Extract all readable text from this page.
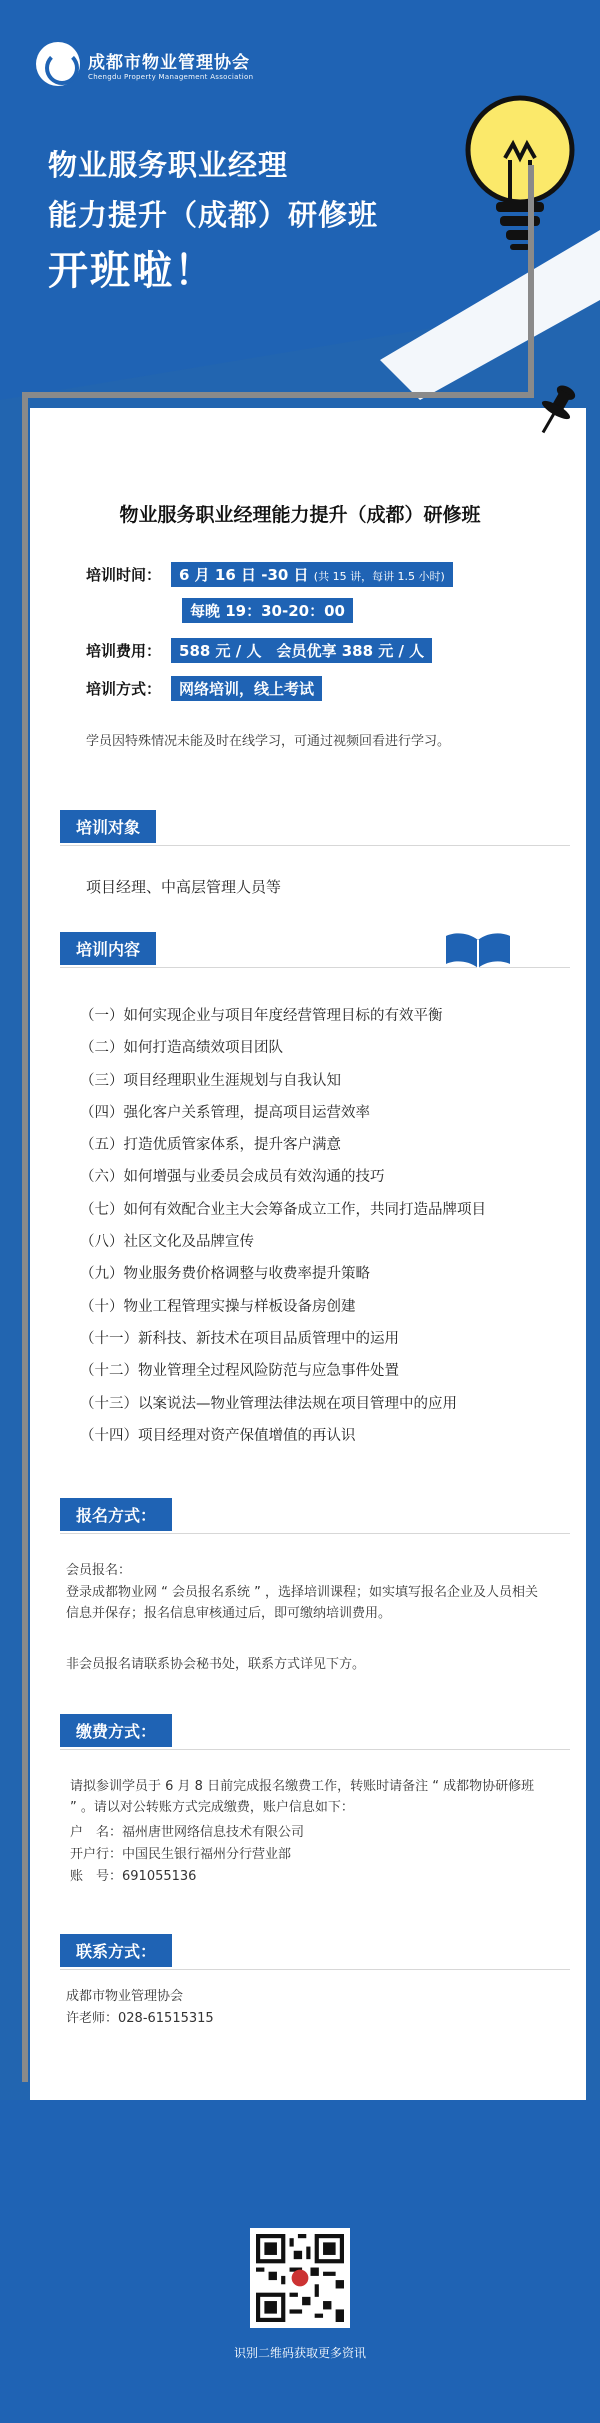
成都市物业管理协会
Chengdu Property Management Association
物业服务职业经理
能力提升（成都）研修班
开班啦！
物业服务职业经理能力提升（成都）研修班
培训时间：	6 月 16 日 -30 日 (共 15 讲，每讲 1.5 小时)
每晚 19：30-20：00
培训费用：	588 元 / 人　会员优享 388 元 / 人
培训方式：	网络培训，线上考试
学员因特殊情况未能及时在线学习，可通过视频回看进行学习。
培训对象
项目经理、中高层管理人员等
培训内容
（一）如何实现企业与项目年度经营管理目标的有效平衡
（二）如何打造高绩效项目团队
（三）项目经理职业生涯规划与自我认知
（四）强化客户关系管理，提高项目运营效率
（五）打造优质管家体系，提升客户满意
（六）如何增强与业委员会成员有效沟通的技巧
（七）如何有效配合业主大会筹备成立工作，共同打造品牌项目
（八）社区文化及品牌宣传
（九）物业服务费价格调整与收费率提升策略
（十）物业工程管理实操与样板设备房创建
（十一）新科技、新技术在项目品质管理中的运用
（十二）物业管理全过程风险防范与应急事件处置
（十三）以案说法—物业管理法律法规在项目管理中的应用
（十四）项目经理对资产保值增值的再认识
报名方式：
会员报名：
登录成都物业网 “ 会员报名系统 ” ，选择培训课程；如实填写报名企业及人员相关信息并保存；报名信息审核通过后，即可缴纳培训费用。
非会员报名请联系协会秘书处，联系方式详见下方。
缴费方式：
请拟参训学员于 6 月 8 日前完成报名缴费工作，转账时请备注 “ 成都物协研修班 ” 。请以对公转账方式完成缴费，账户信息如下：
户　名：福州唐世网络信息技术有限公司
开户行：中国民生银行福州分行营业部
账　号：691055136
联系方式：
成都市物业管理协会
许老师：028-61515315
识别二维码获取更多资讯
